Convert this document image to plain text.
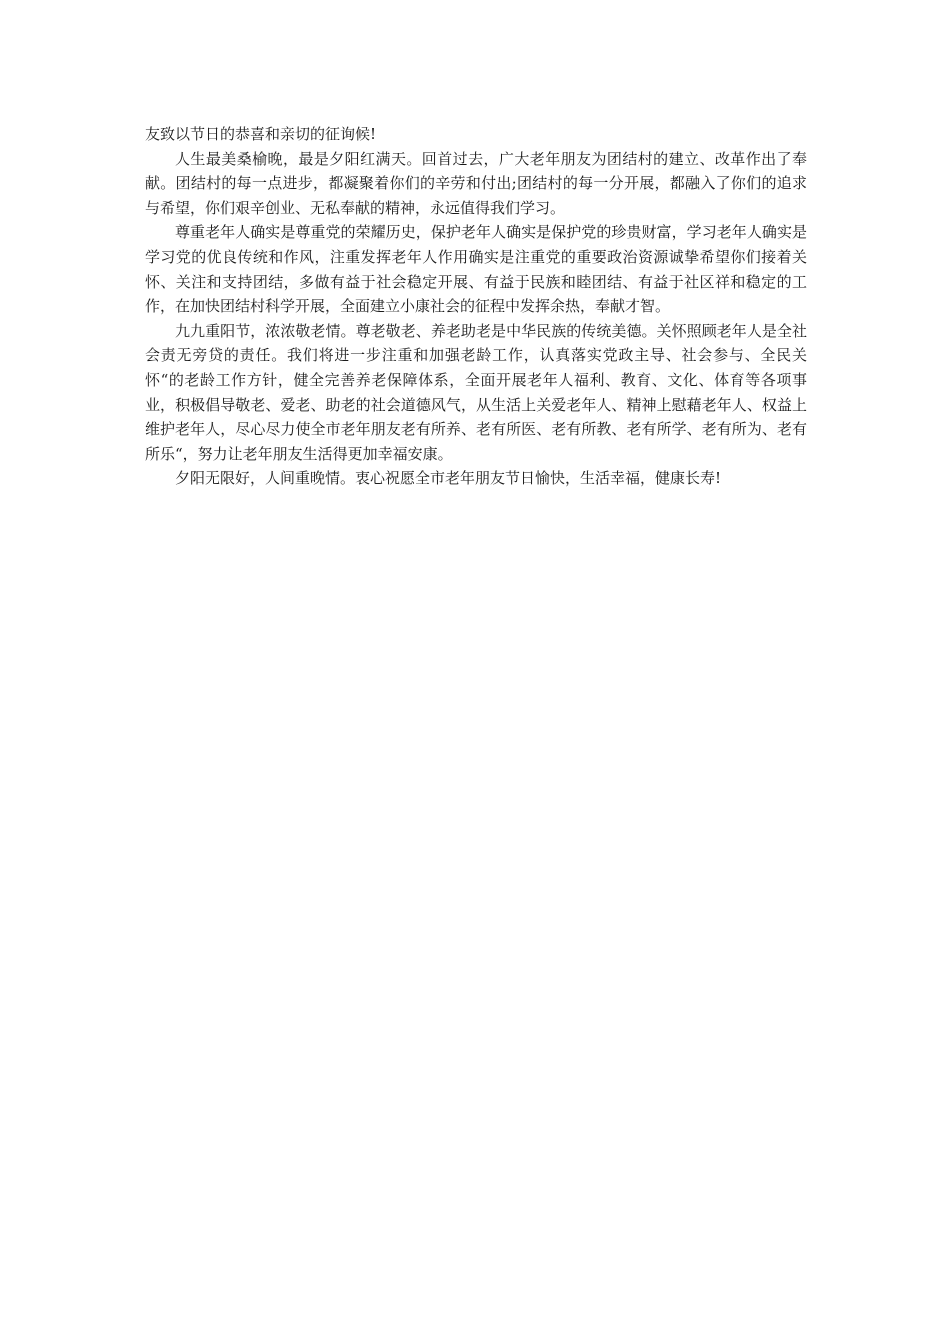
友致以节日的恭喜和亲切的征询候!

人生最美桑榆晚，最是夕阳红满天。回首过去，广大老年朋友为团结村的建立、改革作出了奉献。团结村的每一点进步，都凝聚着你们的辛劳和付出;团结村的每一分开展，都融入了你们的追求与希望，你们艰辛创业、无私奉献的精神，永远值得我们学习。

尊重老年人确实是尊重党的荣耀历史，保护老年人确实是保护党的珍贵财富，学习老年人确实是学习党的优良传统和作风，注重发挥老年人作用确实是注重党的重要政治资源诚挚希望你们接着关怀、关注和支持团结，多做有益于社会稳定开展、有益于民族和睦团结、有益于社区祥和稳定的工作，在加快团结村科学开展，全面建立小康社会的征程中发挥余热，奉献才智。

九九重阳节，浓浓敬老情。尊老敬老、养老助老是中华民族的传统美德。关怀照顾老年人是全社会责无旁贷的责任。我们将进一步注重和加强老龄工作，认真落实党政主导、社会参与、全民关怀“的老龄工作方针，健全完善养老保障体系，全面开展老年人福利、教育、文化、体育等各项事业，积极倡导敬老、爱老、助老的社会道德风气，从生活上关爱老年人、精神上慰藉老年人、权益上维护老年人，尽心尽力使全市老年朋友老有所养、老有所医、老有所教、老有所学、老有所为、老有所乐“，努力让老年朋友生活得更加幸福安康。

夕阳无限好，人间重晚情。衷心祝愿全市老年朋友节日愉快，生活幸福，健康长寿!
